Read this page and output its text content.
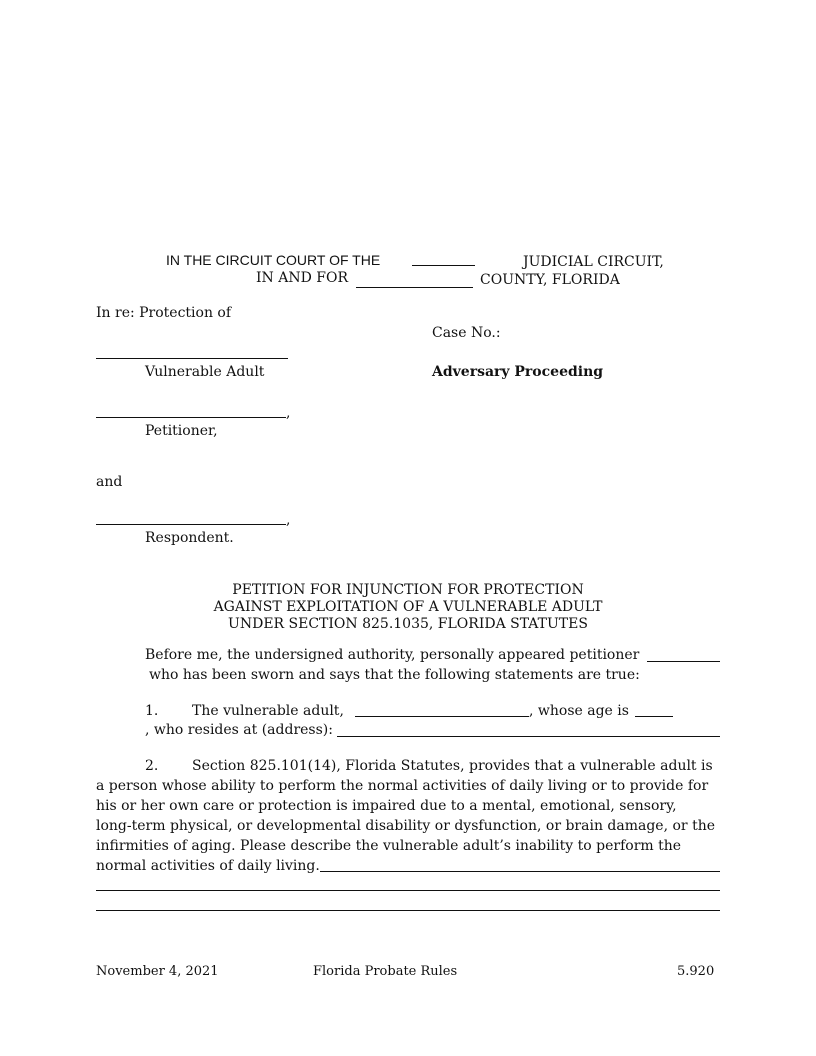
IN THE CIRCUIT COURT OF THE	JUDICIAL CIRCUIT,
IN AND FOR	COUNTY, FLORIDA
In re: Protection of
Case No.:
Vulnerable Adult	Adversary Proceeding
,
Petitioner,
and
,
Respondent.
PETITION FOR INJUNCTION FOR PROTECTION
AGAINST EXPLOITATION OF A VULNERABLE ADULT
UNDER SECTION 825.1035, FLORIDA STATUTES
Before me, the undersigned authority, personally appeared petitioner
who has been sworn and says that the following statements are true:
1. The vulnerable adult,	, whose age is
, who resides at (address):
2. Section 825.101(14), Florida Statutes, provides that a vulnerable adult is
a person whose ability to perform the normal activities of daily living or to provide for
his or her own care or protection is impaired due to a mental, emotional, sensory,
long-term physical, or developmental disability or dysfunction, or brain damage, or the
infirmities of aging. Please describe the vulnerable adult’s inability to perform the
normal activities of daily living.
November 4, 2021	Florida Probate Rules	5.920
